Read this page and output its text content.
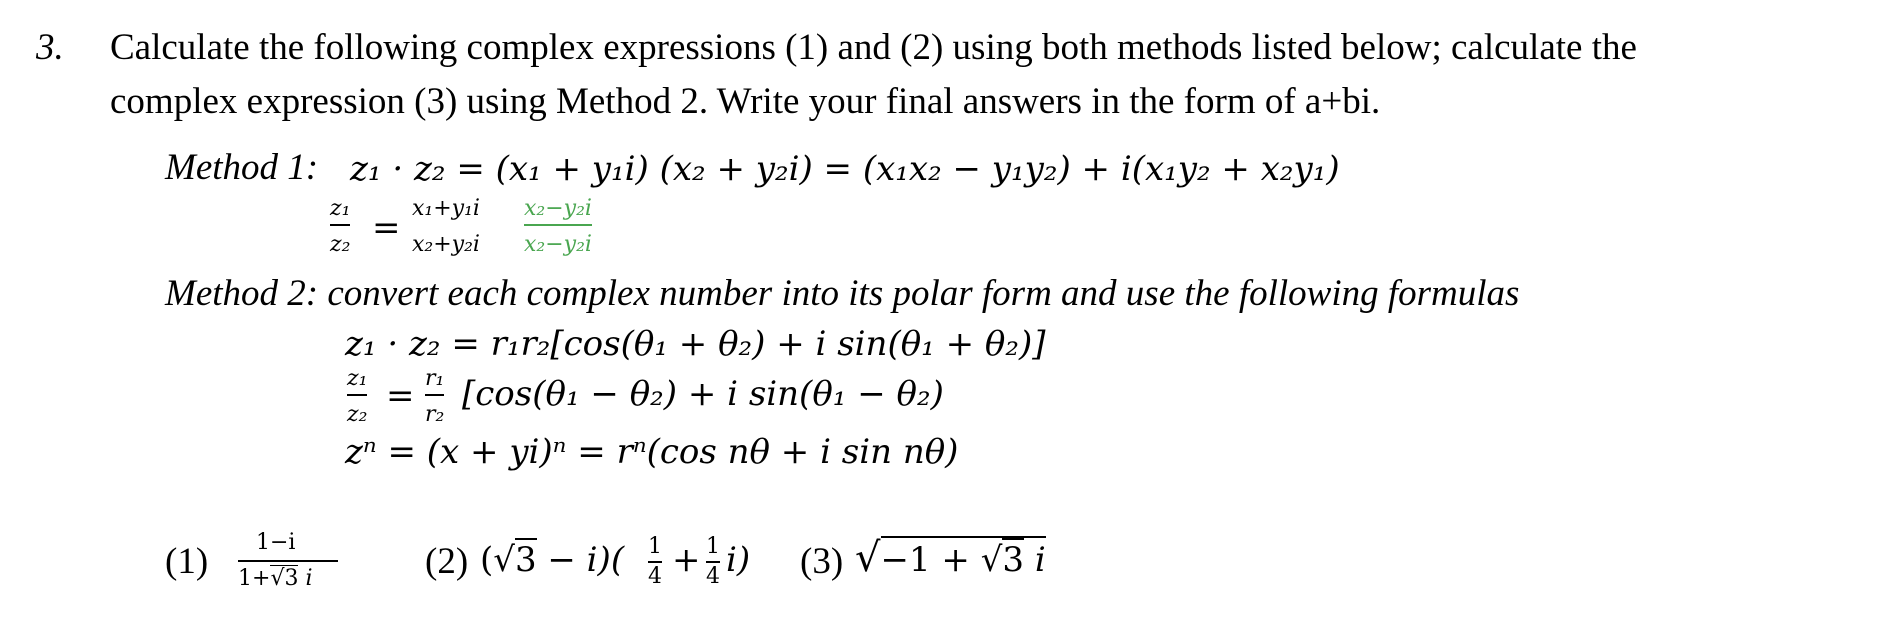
3. Calculate the following complex expressions (1) and (2) using both methods listed below; calculate the
complex expression (3) using Method 2. Write your final answers in the form of a+bi.
Method 1: z₁ · z₂ = (x₁ + y₁i) (x₂ + y₂i) = (x₁x₂ − y₁y₂) + i(x₁y₂ + x₂y₁)
z₁
z₂ = x₁+y₁i
x₂+y₂i
x₂−y₂i
x₂−y₂i
Method 2: convert each complex number into its polar form and use the following formulas
z₁ · z₂ = r₁r₂[cos(θ₁ + θ₂) + i sin(θ₁ + θ₂)]
z₁
z₂ = r₁
r₂
[cos(θ₁ − θ₂) + i sin(θ₁ − θ₂)
zⁿ = (x + yi)ⁿ = rⁿ(cos nθ + i sin nθ)
(1)	1−i
1+√3 i	(2) (√3 − i)( 1
4 + 1
4 i) (3) √−1 + √3 i
